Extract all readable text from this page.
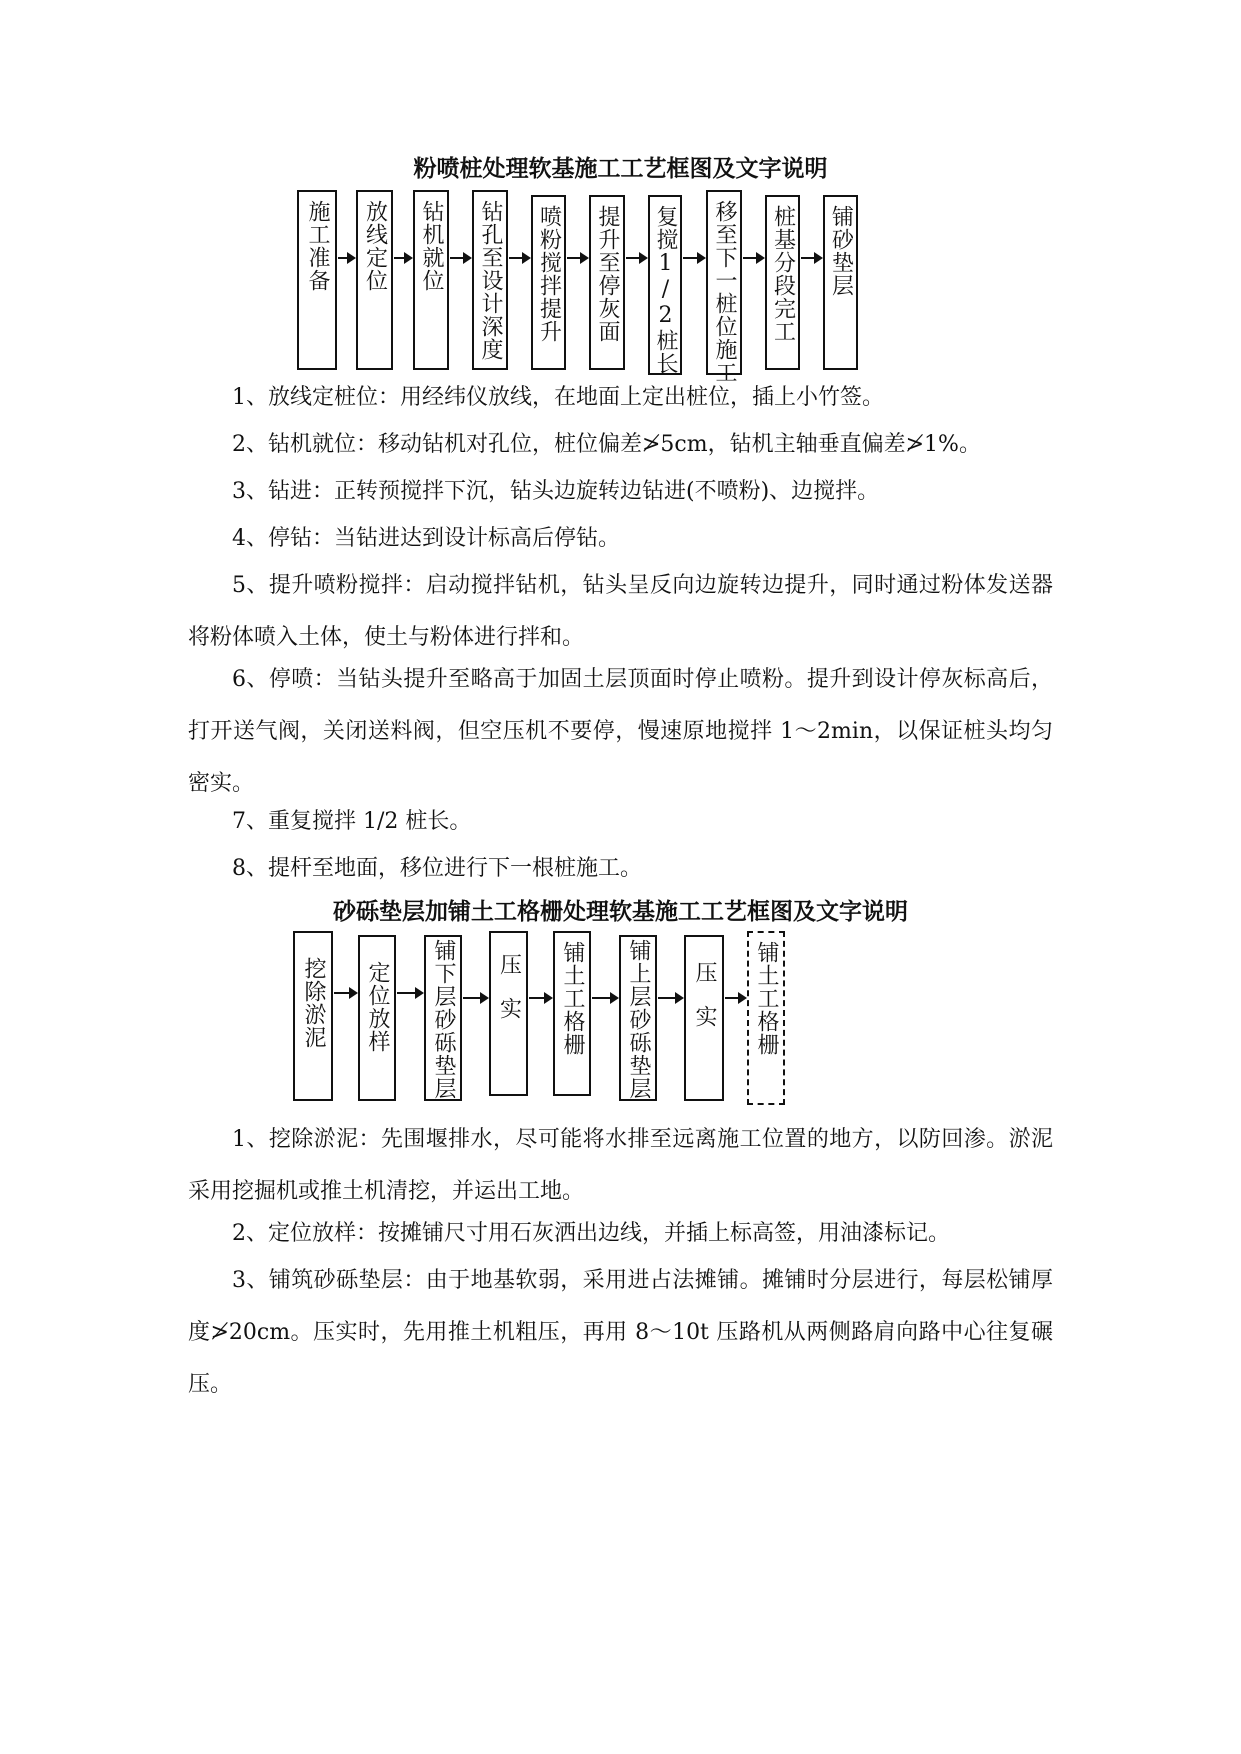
粉喷桩处理软基施工工艺框图及文字说明
施工准备 放线定位 钻机就位 钻孔至设计深度 喷粉搅拌提升 提升至停灰面 复搅1/2桩长 移至下一桩位施工 桩基分段完工 铺砂垫层

1、放线定桩位：用经纬仪放线，在地面上定出桩位，插上小竹签。

2、钻机就位：移动钻机对孔位，桩位偏差≯5cm，钻机主轴垂直偏差≯1%。

3、钻进：正转预搅拌下沉，钻头边旋转边钻进(不喷粉)、边搅拌。

4、停钻：当钻进达到设计标高后停钻。

5、提升喷粉搅拌：启动搅拌钻机，钻头呈反向边旋转边提升，同时通过粉体发送器将粉体喷入土体，使土与粉体进行拌和。

6、停喷：当钻头提升至略高于加固土层顶面时停止喷粉。提升到设计停灰标高后，打开送气阀，关闭送料阀，但空压机不要停，慢速原地搅拌 1～2min，以保证桩头均匀密实。

7、重复搅拌 1/2 桩长。

8、提杆至地面，移位进行下一根桩施工。

砂砾垫层加铺土工格栅处理软基施工工艺框图及文字说明
挖除淤泥 定位放样 铺下层砂砾垫层 压实 铺土工格栅 铺上层砂砾垫层 压实 铺土工格栅

1、挖除淤泥：先围堰排水，尽可能将水排至远离施工位置的地方，以防回渗。淤泥采用挖掘机或推土机清挖，并运出工地。

2、定位放样：按摊铺尺寸用石灰洒出边线，并插上标高签，用油漆标记。

3、铺筑砂砾垫层：由于地基软弱，采用进占法摊铺。摊铺时分层进行，每层松铺厚度≯20cm。压实时，先用推土机粗压，再用 8～10t 压路机从两侧路肩向路中心往复碾压。
